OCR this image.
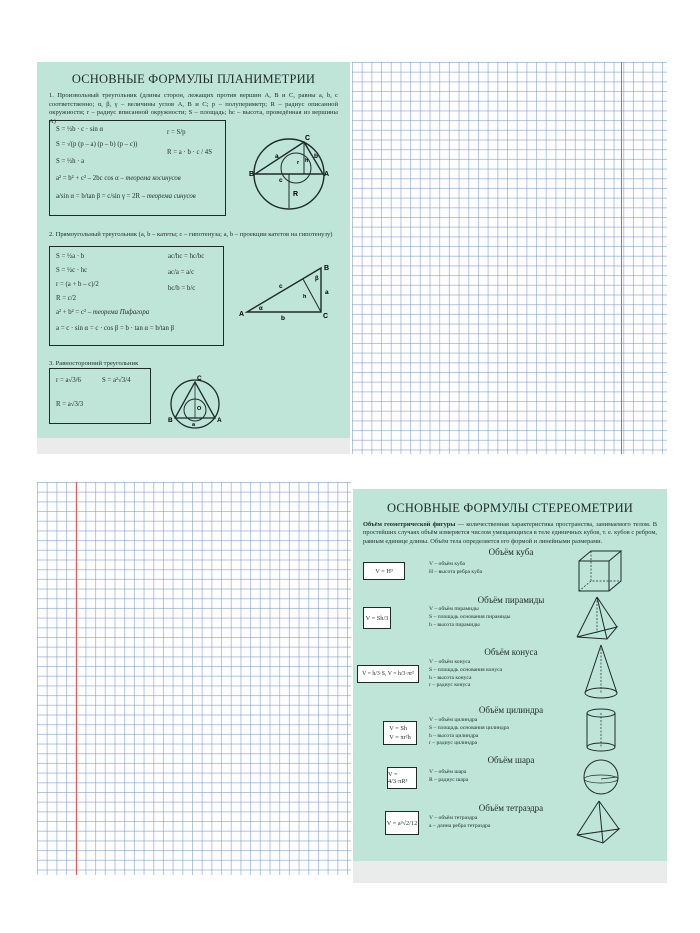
ОСНОВНЫЕ ФОРМУЛЫ ПЛАНИМЕТРИИ
1. Произвольный треугольник (длины сторон, лежащих против вершин А, В и С, равны a, b, c соответственно; α, β, γ – величины углов А, В и С; p – полупериметр; R – радиус описанной окружности; r – радиус вписанной окружности; S – площадь; hc – высота, проведённая из вершины А)
S = ½b · c · sin α
S = √(p (p – a) (p – b) (p – c))
S = ½h · a
a² = b² + c² – 2bc cos α – теорема косинусов
a/sin α = b/tan β = c/sin γ = 2R – теорема синусов
r = S/p
R = a · b · c / 4S
B	A
C
a	b
c
R
r h
2. Прямоугольный треугольник (a, b – катеты; c – гипотенуза; a, b – проекции катетов на гипотенузу)
S = ½a · b
S = ½c · hc
r = (a + b – c)/2
R = c/2
a² + b² = c² – теорема Пифагора
a = c · sin α = c · cos β = b · tan α = b/tan β
ac/hc = hc/bc
ac/a = a/c
bc/b = b/c
A
B
C
b
a
c
h
α
β
3. Равносторонний треугольник
r = a√3/6	S = a²√3/4
R = a√3/3
C
B	A
O
a
ОСНОВНЫЕ ФОРМУЛЫ СТЕРЕОМЕТРИИ
Объём геометрической фигуры — количественная характеристика пространства, занимаемого телом. В простейших случаях объём измеряется числом умещающихся в теле единичных кубов, т. е. кубов с ребром, равным единице длины. Объём тела определяется его формой и линейными размерами.
Объём куба
V = H³
V – объём куба
H – высота ребра куба
Объём пирамиды
V = Sh/3
V – объём пирамиды
S – площадь основания пирамиды
h – высота пирамиды
Объём конуса
V = h/3·S, V = h/3·πr²
V – объём конуса
S – площадь основания конуса
h – высота конуса
r – радиус конуса
Объём цилиндра
V = Sh
V = πr²h
V – объём цилиндра
S – площадь основания цилиндра
h – высота цилиндра
r – радиус цилиндра
Объём шара
V = 4/3·πR³
V – объём шара
R – радиус шара
Объём тетраэдра
V = a³√2/12
V – объём тетраэдра
a – длина ребра тетраэдра
